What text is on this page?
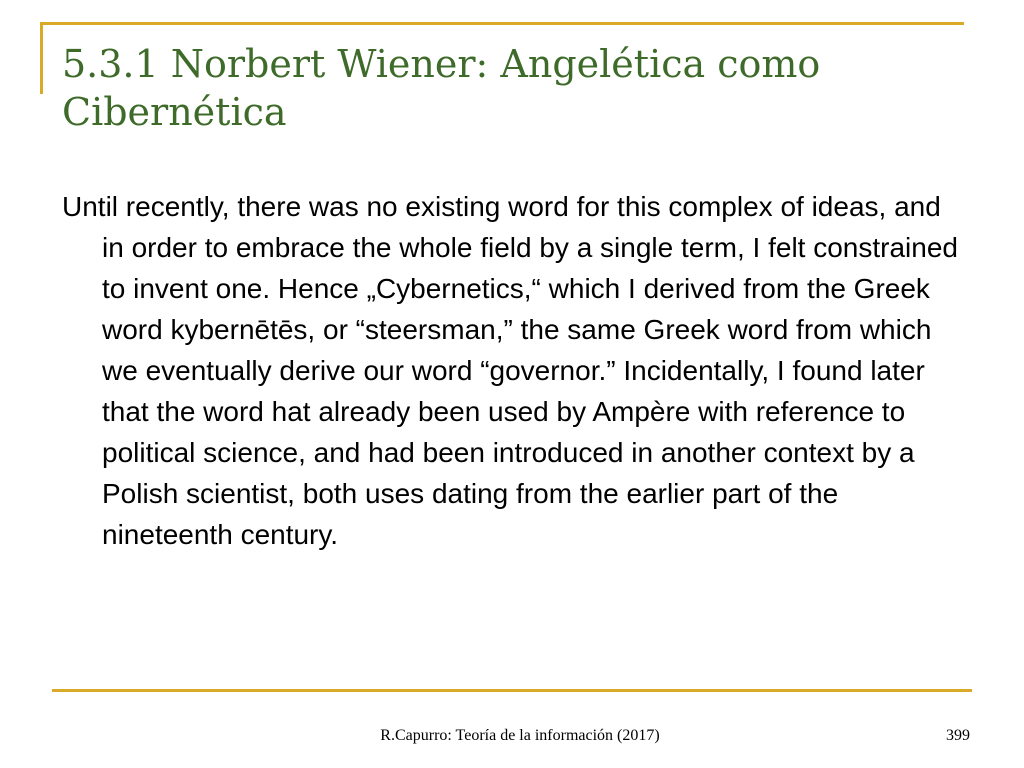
5.3.1 Norbert Wiener: Angelética como Cibernética
Until recently, there was no existing word for this complex of ideas, and in order to embrace the whole field by a single term, I felt constrained to invent one. Hence „Cybernetics,“ which I derived from the Greek word kybernētēs, or “steersman,” the same Greek word from which we eventually derive our word “governor.” Incidentally, I found later that the word hat already been used by Ampère with reference to political science, and had been introduced in another context by a Polish scientist, both uses dating from the earlier part of the nineteenth century.
R.Capurro: Teoría de la información (2017)	399
